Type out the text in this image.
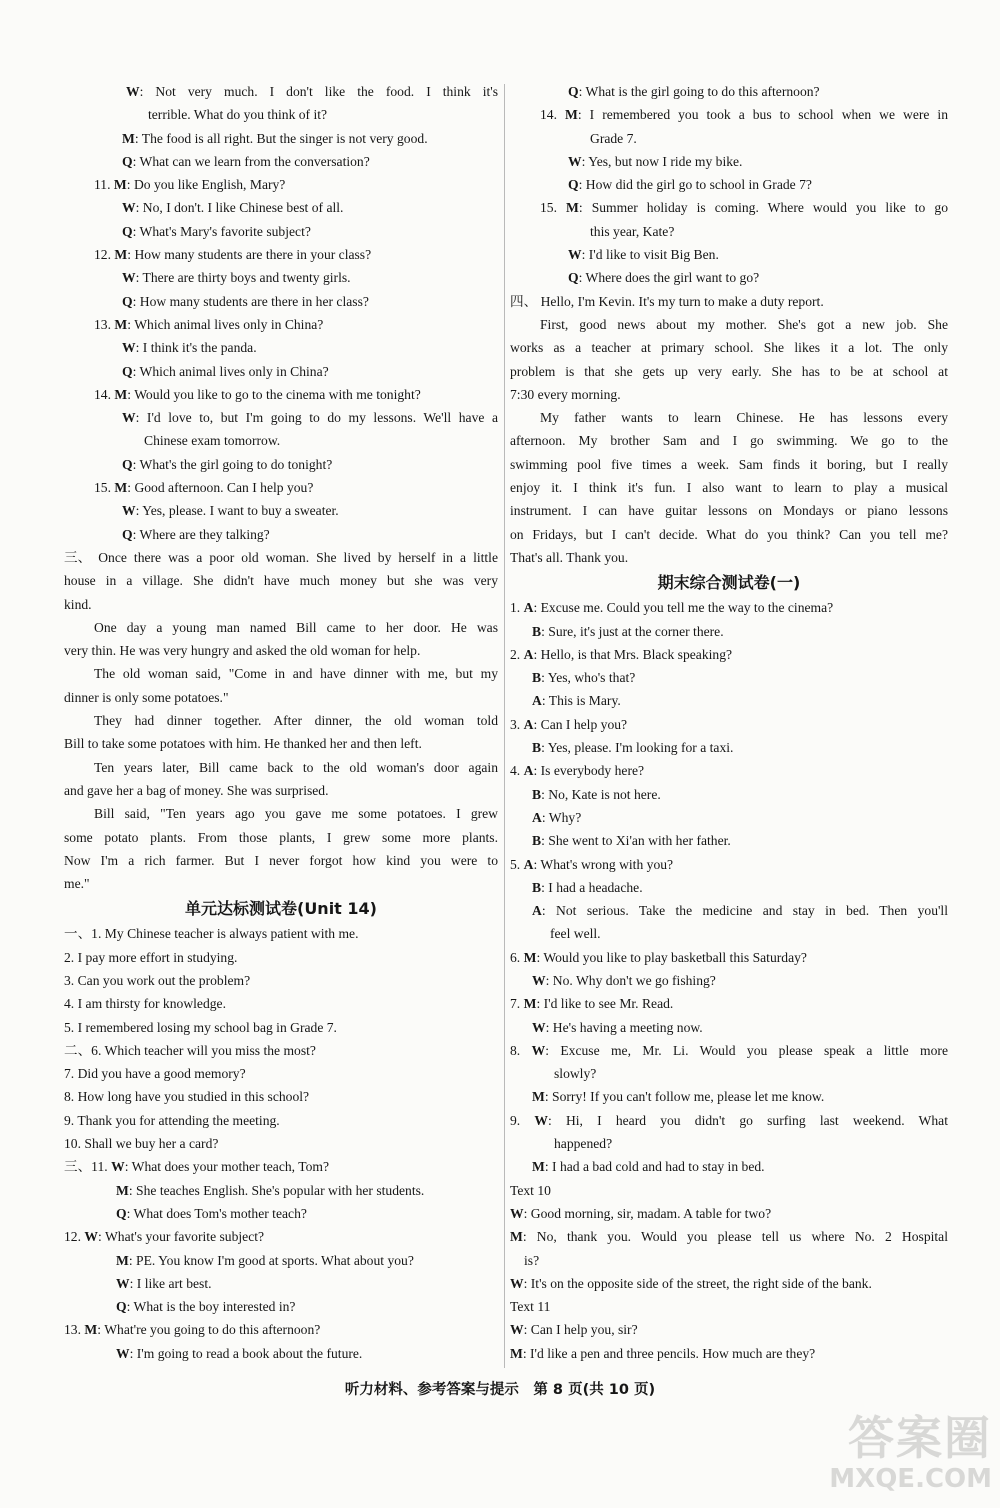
W: Not very much. I don't like the food. I think it's
terrible. What do you think of it?
M: The food is all right. But the singer is not very good.
Q: What can we learn from the conversation?
11. M: Do you like English, Mary?
W: No, I don't. I like Chinese best of all.
Q: What's Mary's favorite subject?
12. M: How many students are there in your class?
W: There are thirty boys and twenty girls.
Q: How many students are there in her class?
13. M: Which animal lives only in China?
W: I think it's the panda.
Q: Which animal lives only in China?
14. M: Would you like to go to the cinema with me tonight?
W: I'd love to, but I'm going to do my lessons. We'll have a
Chinese exam tomorrow.
Q: What's the girl going to do tonight?
15. M: Good afternoon. Can I help you?
W: Yes, please. I want to buy a sweater.
Q: Where are they talking?
三、 Once there was a poor old woman. She lived by herself in a little
house in a village. She didn't have much money but she was very
kind.
One day a young man named Bill came to her door. He was
very thin. He was very hungry and asked the old woman for help.
The old woman said, "Come in and have dinner with me, but my
dinner is only some potatoes."
They had dinner together. After dinner, the old woman told
Bill to take some potatoes with him. He thanked her and then left.
Ten years later, Bill came back to the old woman's door again
and gave her a bag of money. She was surprised.
Bill said, "Ten years ago you gave me some potatoes. I grew
some potato plants. From those plants, I grew some more plants.
Now I'm a rich farmer. But I never forgot how kind you were to
me."
单元达标测试卷(Unit 14)
一、1. My Chinese teacher is always patient with me.
2. I pay more effort in studying.
3. Can you work out the problem?
4. I am thirsty for knowledge.
5. I remembered losing my school bag in Grade 7.
二、6. Which teacher will you miss the most?
7. Did you have a good memory?
8. How long have you studied in this school?
9. Thank you for attending the meeting.
10. Shall we buy her a card?
三、11. W: What does your mother teach, Tom?
M: She teaches English. She's popular with her students.
Q: What does Tom's mother teach?
12. W: What's your favorite subject?
M: PE. You know I'm good at sports. What about you?
W: I like art best.
Q: What is the boy interested in?
13. M: What're you going to do this afternoon?
W: I'm going to read a book about the future.
Q: What is the girl going to do this afternoon?
14. M: I remembered you took a bus to school when we were in
Grade 7.
W: Yes, but now I ride my bike.
Q: How did the girl go to school in Grade 7?
15. M: Summer holiday is coming. Where would you like to go
this year, Kate?
W: I'd like to visit Big Ben.
Q: Where does the girl want to go?
四、 Hello, I'm Kevin. It's my turn to make a duty report.
First, good news about my mother. She's got a new job. She
works as a teacher at primary school. She likes it a lot. The only
problem is that she gets up very early. She has to be at school at
7:30 every morning.
My father wants to learn Chinese. He has lessons every
afternoon. My brother Sam and I go swimming. We go to the
swimming pool five times a week. Sam finds it boring, but I really
enjoy it. I think it's fun. I also want to learn to play a musical
instrument. I can have guitar lessons on Mondays or piano lessons
on Fridays, but I can't decide. What do you think? Can you tell me?
That's all. Thank you.
期末综合测试卷(一)
1. A: Excuse me. Could you tell me the way to the cinema?
B: Sure, it's just at the corner there.
2. A: Hello, is that Mrs. Black speaking?
B: Yes, who's that?
A: This is Mary.
3. A: Can I help you?
B: Yes, please. I'm looking for a taxi.
4. A: Is everybody here?
B: No, Kate is not here.
A: Why?
B: She went to Xi'an with her father.
5. A: What's wrong with you?
B: I had a headache.
A: Not serious. Take the medicine and stay in bed. Then you'll
feel well.
6. M: Would you like to play basketball this Saturday?
W: No. Why don't we go fishing?
7. M: I'd like to see Mr. Read.
W: He's having a meeting now.
8. W: Excuse me, Mr. Li. Would you please speak a little more
slowly?
M: Sorry! If you can't follow me, please let me know.
9. W: Hi, I heard you didn't go surfing last weekend. What
happened?
M: I had a bad cold and had to stay in bed.
Text 10
W: Good morning, sir, madam. A table for two?
M: No, thank you. Would you please tell us where No. 2 Hospital
is?
W: It's on the opposite side of the street, the right side of the bank.
Text 11
W: Can I help you, sir?
M: I'd like a pen and three pencils. How much are they?
听力材料、参考答案与提示　第 8 页(共 10 页)
答案圈
MXQE.COM
